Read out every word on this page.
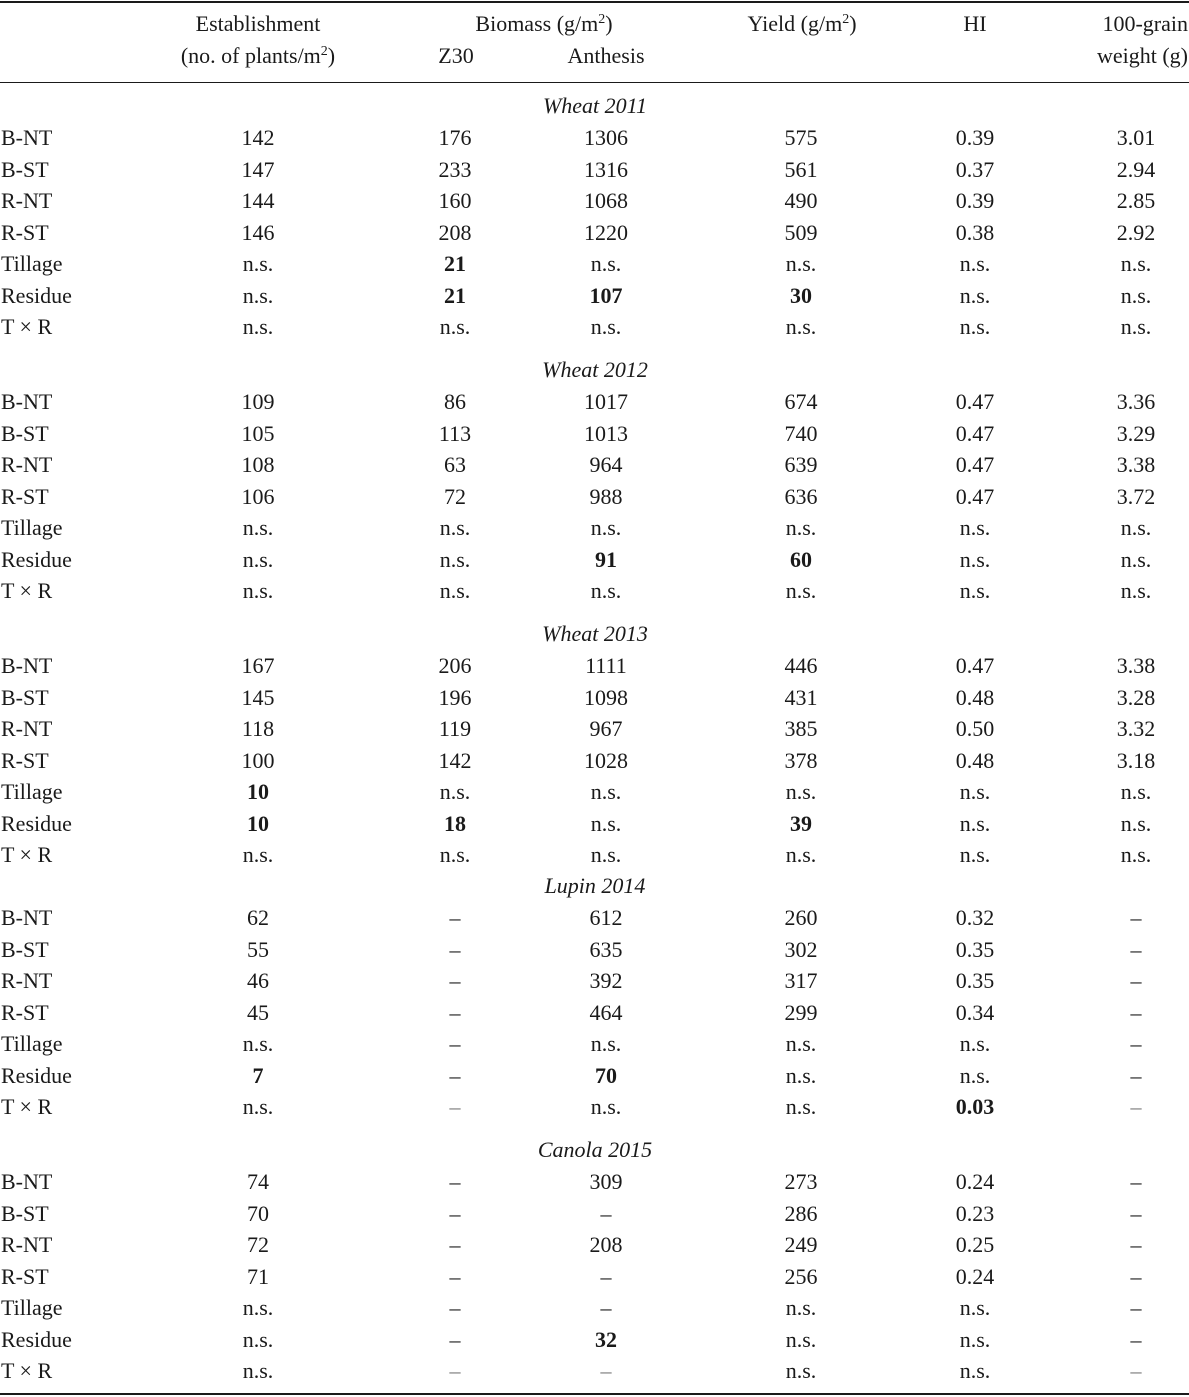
Establishment
(no. of plants/$m^2$)
Biomass $(g/m^2)$
Z30	Anthesis
Yield $(g/m^2)$	HI	100-grain
weight (g)
Wheat 2011
B-NT	142	176	1306	575	0.39	3.01
B-ST	147	233	1316	561	0.37	2.94
R-NT	144	160	1068	490	0.39	2.85
R-ST	146	208	1220	509	0.38	2.92
Tillage	n.s.	21	n.s.	n.s.	n.s.	n.s.
Residue	n.s.	21	107	30	n.s.	n.s.
T × R	n.s.	n.s.	n.s.	n.s.	n.s.	n.s.
Wheat 2012
B-NT	109	86	1017	674	0.47	3.36
B-ST	105	113	1013	740	0.47	3.29
R-NT	108	63	964	639	0.47	3.38
R-ST	106	72	988	636	0.47	3.72
Tillage	n.s.	n.s.	n.s.	n.s.	n.s.	n.s.
Residue	n.s.	n.s.	91	60	n.s.	n.s.
T × R	n.s.	n.s.	n.s.	n.s.	n.s.	n.s.
Wheat 2013
B-NT	167	206	1111	446	0.47	3.38
B-ST	145	196	1098	431	0.48	3.28
R-NT	118	119	967	385	0.50	3.32
R-ST	100	142	1028	378	0.48	3.18
Tillage	10	n.s.	n.s.	n.s.	n.s.	n.s.
Residue	10	18	n.s.	39	n.s.	n.s.
T × R	n.s.	n.s.	n.s.	n.s.	n.s.	n.s.
Lupin 2014
B-NT	62	–	612	260	0.32	–
B-ST	55	–	635	302	0.35	–
R-NT	46	–	392	317	0.35	–
R-ST	45	–	464	299	0.34	–
Tillage	n.s.	–	n.s.	n.s.	n.s.	–
Residue	7	–	70	n.s.	n.s.	–
T × R	n.s.	–	n.s.	n.s.	0.03	–
Canola 2015
B-NT	74	–	309	273	0.24	–
B-ST	70	–	–	286	0.23	–
R-NT	72	–	208	249	0.25	–
R-ST	71	–	–	256	0.24	–
Tillage	n.s.	–	–	n.s.	n.s.	–
Residue	n.s.	–	32	n.s.	n.s.	–
T × R	n.s.	–	–	n.s.	n.s.	–
